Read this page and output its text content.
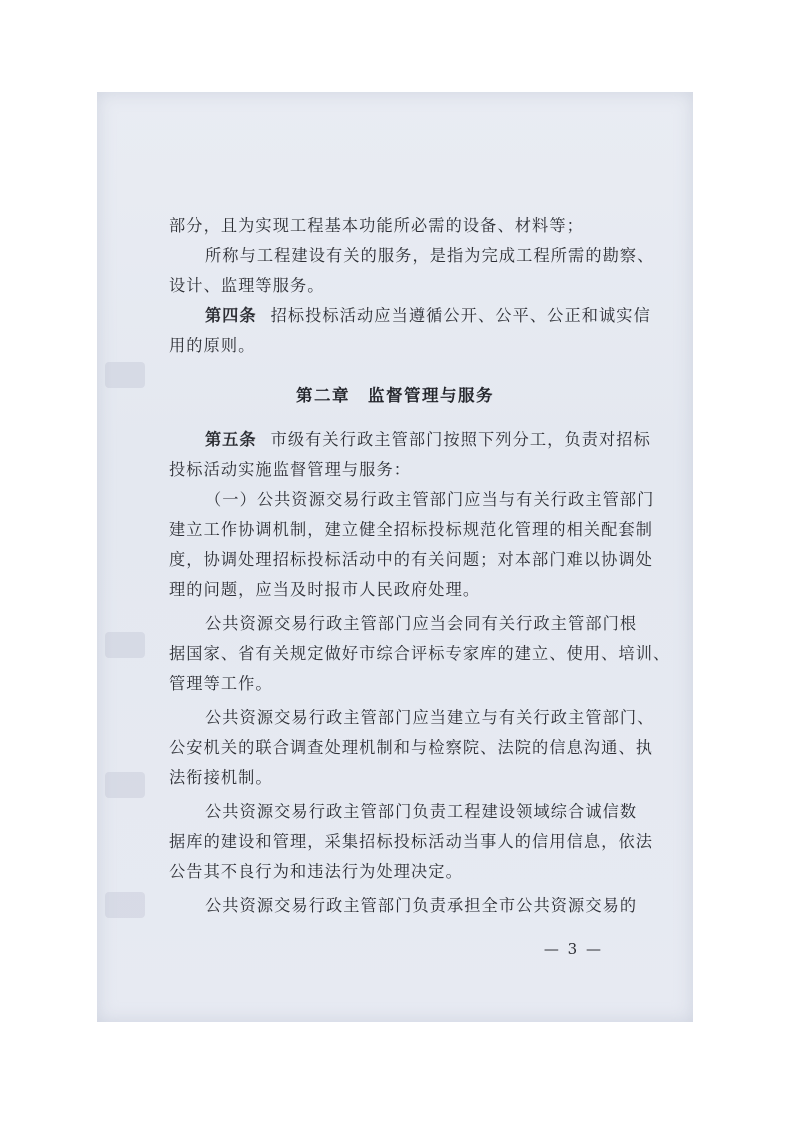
部分，且为实现工程基本功能所必需的设备、材料等；
所称与工程建设有关的服务，是指为完成工程所需的勘察、
设计、监理等服务。
第四条 招标投标活动应当遵循公开、公平、公正和诚实信
用的原则。
第二章　监督管理与服务
第五条 市级有关行政主管部门按照下列分工，负责对招标
投标活动实施监督管理与服务：
（一）公共资源交易行政主管部门应当与有关行政主管部门
建立工作协调机制，建立健全招标投标规范化管理的相关配套制
度，协调处理招标投标活动中的有关问题；对本部门难以协调处
理的问题，应当及时报市人民政府处理。
公共资源交易行政主管部门应当会同有关行政主管部门根
据国家、省有关规定做好市综合评标专家库的建立、使用、培训、
管理等工作。
公共资源交易行政主管部门应当建立与有关行政主管部门、
公安机关的联合调查处理机制和与检察院、法院的信息沟通、执
法衔接机制。
公共资源交易行政主管部门负责工程建设领域综合诚信数
据库的建设和管理，采集招标投标活动当事人的信用信息，依法
公告其不良行为和违法行为处理决定。
公共资源交易行政主管部门负责承担全市公共资源交易的
— 3 —
